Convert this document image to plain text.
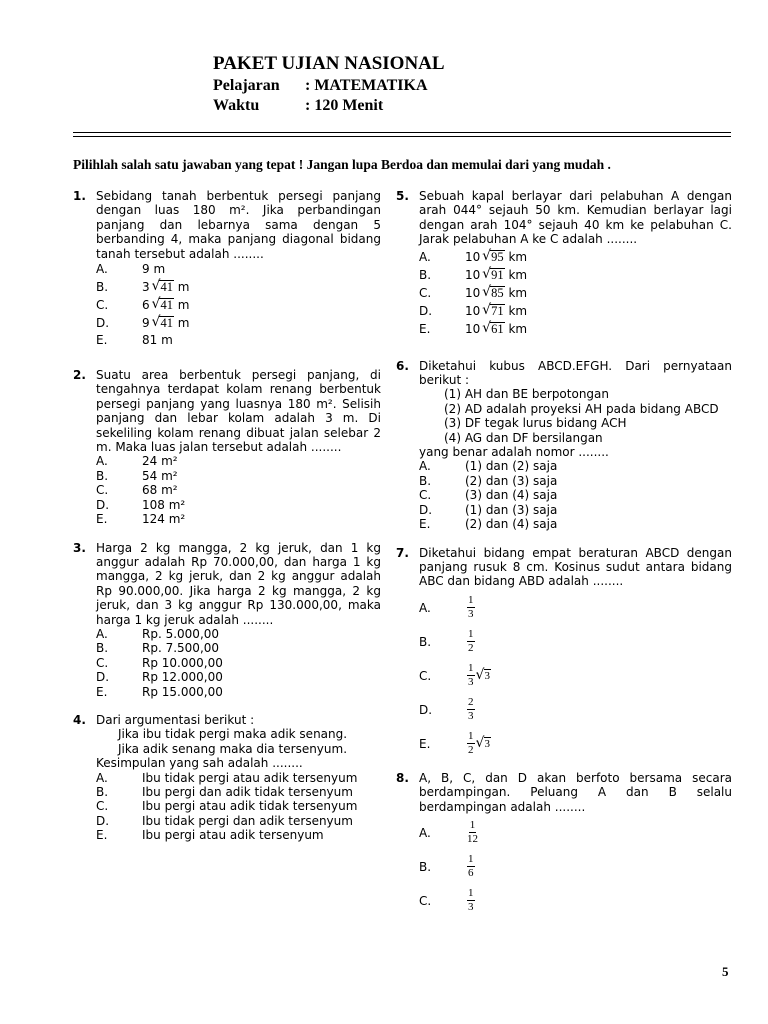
PAKET UJIAN NASIONAL
Pelajaran	: MATEMATIKA
Waktu	: 120 Menit
Pilihlah salah satu jawaban yang tepat ! Jangan lupa Berdoa dan memulai dari yang mudah .
1. Sebidang tanah berbentuk persegi panjang dengan luas 180 m². Jika perbandingan panjang dan lebarnya sama dengan 5 berbanding 4, maka panjang diagonal bidang tanah tersebut adalah ........
A.	9 m
B.	3 √ 41 m
C.	6 √ 41 m
D.	9 √ 41 m
E.	81 m
2. Suatu area berbentuk persegi panjang, di tengahnya terdapat kolam renang berbentuk persegi panjang yang luasnya 180 m². Selisih panjang dan lebar kolam adalah 3 m. Di sekeliling kolam renang dibuat jalan selebar 2 m. Maka luas jalan tersebut adalah ........
A.	24 m²
B.	54 m²
C.	68 m²
D.	108 m²
E.	124 m²
3. Harga 2 kg mangga, 2 kg jeruk, dan 1 kg anggur adalah Rp 70.000,00, dan harga 1 kg mangga, 2 kg jeruk, dan 2 kg anggur adalah Rp 90.000,00. Jika harga 2 kg mangga, 2 kg jeruk, dan 3 kg anggur Rp 130.000,00, maka harga 1 kg jeruk adalah ........
A.	Rp. 5.000,00
B.	Rp. 7.500,00
C.	Rp 10.000,00
D.	Rp 12.000,00
E.	Rp 15.000,00
4. Dari argumentasi berikut :
Jika ibu tidak pergi maka adik senang.
Jika adik senang maka dia tersenyum.
Kesimpulan yang sah adalah ........
A.	Ibu tidak pergi atau adik tersenyum
B.	Ibu pergi dan adik tidak tersenyum
C.	Ibu pergi atau adik tidak tersenyum
D.	Ibu tidak pergi dan adik tersenyum
E.	Ibu pergi atau adik tersenyum
5. Sebuah kapal berlayar dari pelabuhan A dengan arah 044° sejauh 50 km. Kemudian berlayar lagi dengan arah 104° sejauh 40 km ke pelabuhan C. Jarak pelabuhan A ke C adalah ........
A.	10 √ 95 km
B.	10 √ 91 km
C.	10 √ 85 km
D.	10 √ 71 km
E.	10 √ 61 km
6. Diketahui kubus ABCD.EFGH. Dari pernyataan berikut :
(1) AH dan BE berpotongan
(2) AD adalah proyeksi AH pada bidang ABCD
(3) DF tegak lurus bidang ACH
(4) AG dan DF bersilangan
yang benar adalah nomor ........
A.	(1) dan (2) saja
B.	(2) dan (3) saja
C.	(3) dan (4) saja
D.	(1) dan (3) saja
E.	(2) dan (4) saja
7. Diketahui bidang empat beraturan ABCD dengan panjang rusuk 8 cm. Kosinus sudut antara bidang ABC dan bidang ABD adalah ........
A.	$\frac{1}{3}$
B.	$\frac{1}{2}$
C.	$\frac{1}{3}$ √ 3
D.	$\frac{2}{3}$
E.	$\frac{1}{2}$ √ 3
8. A, B, C, dan D akan berfoto bersama secara berdampingan. Peluang A dan B selalu berdampingan adalah ........
A.	$\frac{1}{12}$
B.	$\frac{1}{6}$
C.	$\frac{1}{3}$
5
